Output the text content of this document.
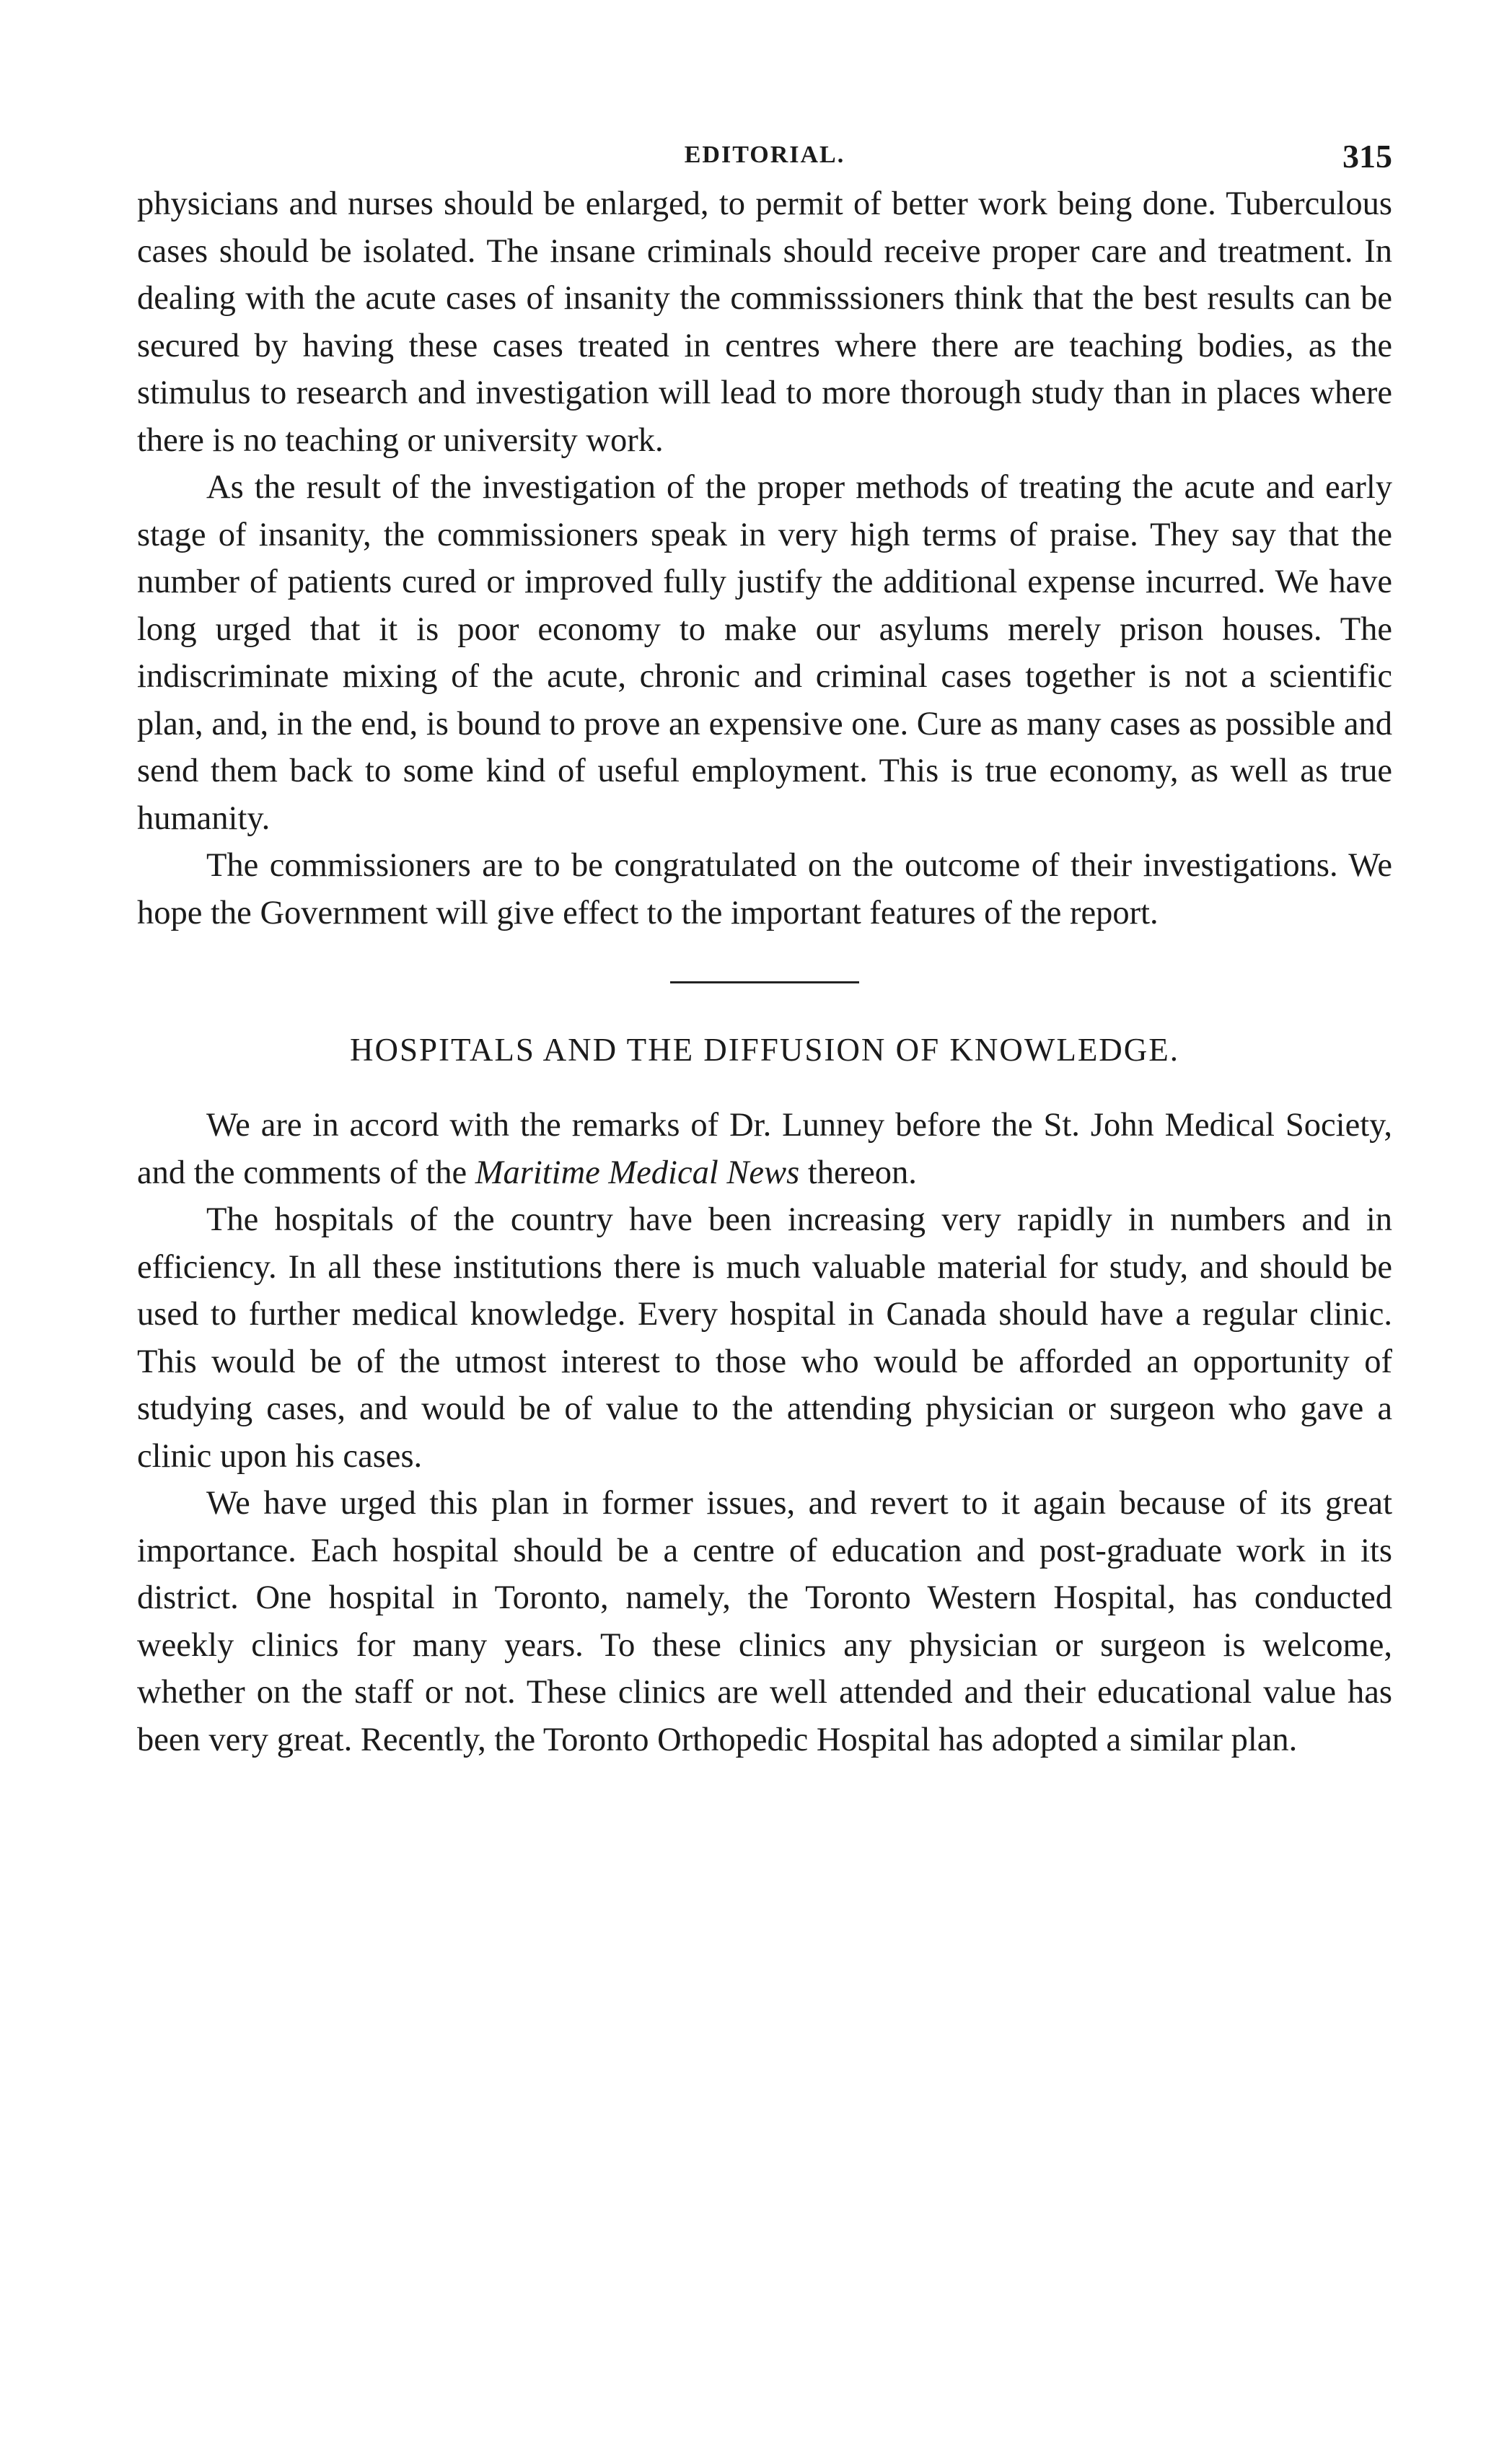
EDITORIAL.	315

physicians and nurses should be enlarged, to permit of better work being done. Tuberculous cases should be isolated. The insane criminals should receive proper care and treatment. In dealing with the acute cases of insanity the commisssioners think that the best results can be secured by having these cases treated in centres where there are teaching bodies, as the stimulus to research and investigation will lead to more thorough study than in places where there is no teaching or university work.

As the result of the investigation of the proper methods of treating the acute and early stage of insanity, the commissioners speak in very high terms of praise. They say that the number of patients cured or improved fully justify the additional expense incurred. We have long urged that it is poor economy to make our asylums merely prison houses. The indiscriminate mixing of the acute, chronic and criminal cases together is not a scientific plan, and, in the end, is bound to prove an expensive one. Cure as many cases as possible and send them back to some kind of useful employment. This is true economy, as well as true humanity.

The commissioners are to be congratulated on the outcome of their investigations. We hope the Government will give effect to the important features of the report.

HOSPITALS AND THE DIFFUSION OF KNOWLEDGE.

We are in accord with the remarks of Dr. Lunney before the St. John Medical Society, and the comments of the Maritime Medical News thereon.

The hospitals of the country have been increasing very rapidly in numbers and in efficiency. In all these institutions there is much valuable material for study, and should be used to further medical knowledge. Every hospital in Canada should have a regular clinic. This would be of the utmost interest to those who would be afforded an opportunity of studying cases, and would be of value to the attending physician or surgeon who gave a clinic upon his cases.

We have urged this plan in former issues, and revert to it again because of its great importance. Each hospital should be a centre of education and post-graduate work in its district. One hospital in Toronto, namely, the Toronto Western Hospital, has conducted weekly clinics for many years. To these clinics any physician or surgeon is welcome, whether on the staff or not. These clinics are well attended and their educational value has been very great. Recently, the Toronto Orthopedic Hospital has adopted a similar plan.
